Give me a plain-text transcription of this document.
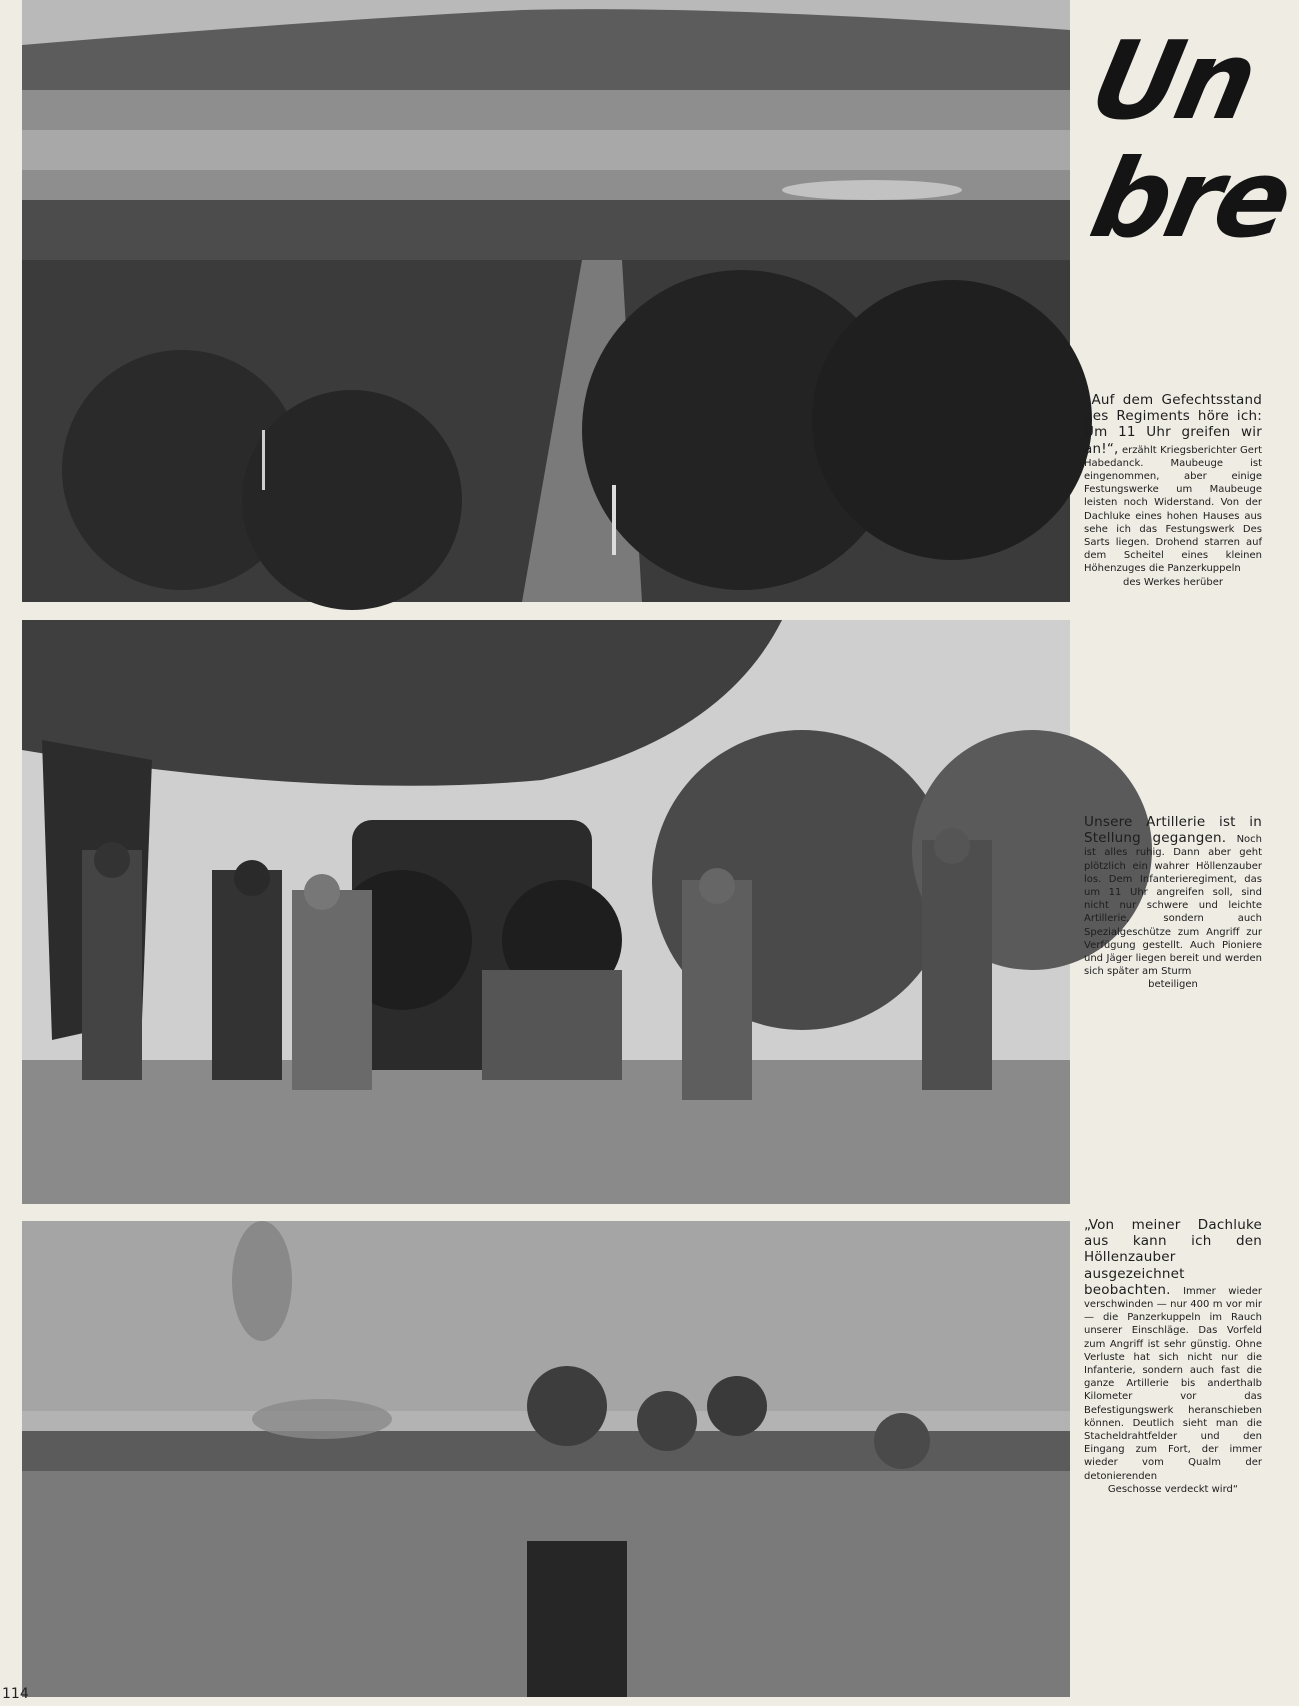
Un
bre
„Auf dem Gefechtsstand des Regiments höre ich: Um 11 Uhr greifen wir an!“, erzählt Kriegsberichter Gert Habedanck. Maubeuge ist eingenommen, aber einige Festungswerke um Maubeuge leisten noch Widerstand. Von der Dachluke eines hohen Hauses aus sehe ich das Festungswerk Des Sarts liegen. Drohend starren auf dem Scheitel eines kleinen Höhenzuges die Panzerkuppeln
des Werkes herüber
Unsere Artillerie ist in Stellung gegangen. Noch ist alles ruhig. Dann aber geht plötzlich ein wahrer Höllenzauber los. Dem Infanterieregiment, das um 11 Uhr angreifen soll, sind nicht nur schwere und leichte Artillerie, sondern auch Spezialgeschütze zum Angriff zur Verfügung gestellt. Auch Pioniere und Jäger liegen bereit und werden sich später am Sturm
beteiligen
„Von meiner Dachluke aus kann ich den Höllenzauber ausgezeichnet beobachten. Immer wieder verschwinden — nur 400 m vor mir — die Panzerkuppeln im Rauch unserer Einschläge. Das Vorfeld zum Angriff ist sehr günstig. Ohne Verluste hat sich nicht nur die Infanterie, sondern auch fast die ganze Artillerie bis anderthalb Kilometer vor das Befestigungswerk heranschieben können. Deutlich sieht man die Stacheldrahtfelder und den Eingang zum Fort, der immer wieder vom Qualm der detonierenden
Geschosse verdeckt wird“
114
